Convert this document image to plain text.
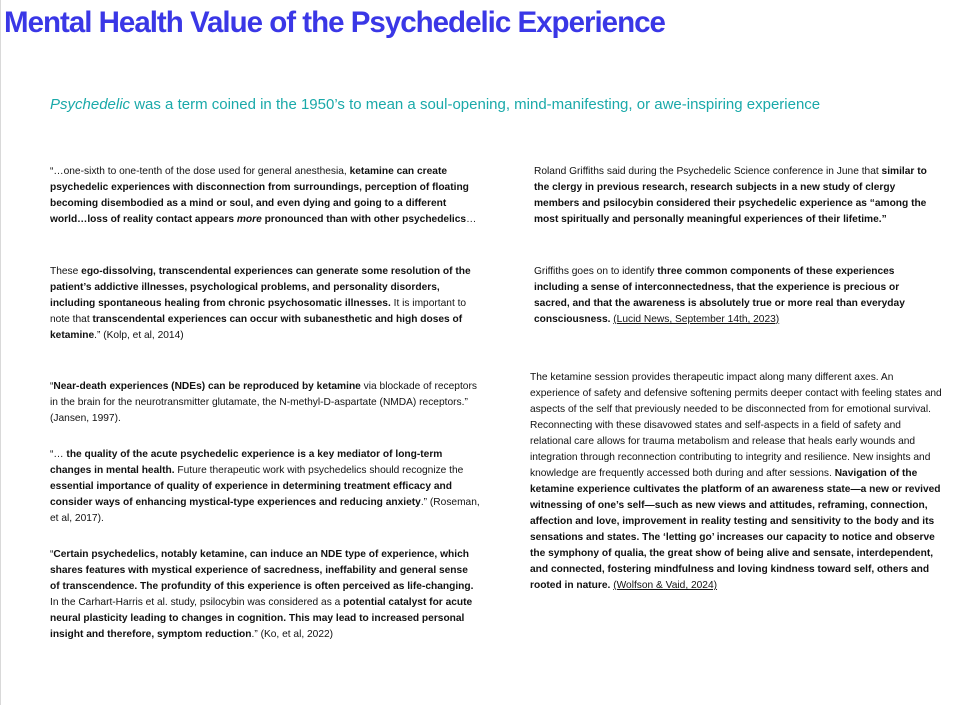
Mental Health Value of the Psychedelic Experience

Psychedelic was a term coined in the 1950’s to mean a soul-opening, mind-manifesting, or awe-inspiring experience

“…one-sixth to one-tenth of the dose used for general anesthesia, ketamine can create psychedelic experiences with disconnection from surroundings, perception of floating becoming disembodied as a mind or soul, and even dying and going to a different world…loss of reality contact appears more pronounced than with other psychedelics…

These ego-dissolving, transcendental experiences can generate some resolution of the patient’s addictive illnesses, psychological problems, and personality disorders, including spontaneous healing from chronic psychosomatic illnesses. It is important to note that transcendental experiences can occur with subanesthetic and high doses of ketamine.” (Kolp, et al, 2014)

“Near-death experiences (NDEs) can be reproduced by ketamine via blockade of receptors in the brain for the neurotransmitter glutamate, the N-methyl-D-aspartate (NMDA) receptors.” (Jansen, 1997).

“… the quality of the acute psychedelic experience is a key mediator of long-term changes in mental health. Future therapeutic work with psychedelics should recognize the essential importance of quality of experience in determining treatment efficacy and consider ways of enhancing mystical-type experiences and reducing anxiety.” (Roseman, et al, 2017).

“Certain psychedelics, notably ketamine, can induce an NDE type of experience, which shares features with mystical experience of sacredness, ineffability and general sense of transcendence. The profundity of this experience is often perceived as life-changing. In the Carhart-Harris et al. study, psilocybin was considered as a potential catalyst for acute neural plasticity leading to changes in cognition. This may lead to increased personal insight and therefore, symptom reduction.” (Ko, et al, 2022)

Roland Griffiths said during the Psychedelic Science conference in June that similar to the clergy in previous research, research subjects in a new study of clergy members and psilocybin considered their psychedelic experience as “among the most spiritually and personally meaningful experiences of their lifetime.”

Griffiths goes on to identify three common components of these experiences including a sense of interconnectedness, that the experience is precious or sacred, and that the awareness is absolutely true or more real than everyday consciousness. (Lucid News, September 14th, 2023)

The ketamine session provides therapeutic impact along many different axes. An experience of safety and defensive softening permits deeper contact with feeling states and aspects of the self that previously needed to be disconnected from for emotional survival. Reconnecting with these disavowed states and self-aspects in a field of safety and relational care allows for trauma metabolism and release that heals early wounds and integration through reconnection contributing to integrity and resilience. New insights and knowledge are frequently accessed both during and after sessions. Navigation of the ketamine experience cultivates the platform of an awareness state—a new or revived witnessing of one’s self—such as new views and attitudes, reframing, connection, affection and love, improvement in reality testing and sensitivity to the body and its sensations and states. The ‘letting go’ increases our capacity to notice and observe the symphony of qualia, the great show of being alive and sensate, interdependent, and connected, fostering mindfulness and loving kindness toward self, others and rooted in nature. (Wolfson & Vaid, 2024)
